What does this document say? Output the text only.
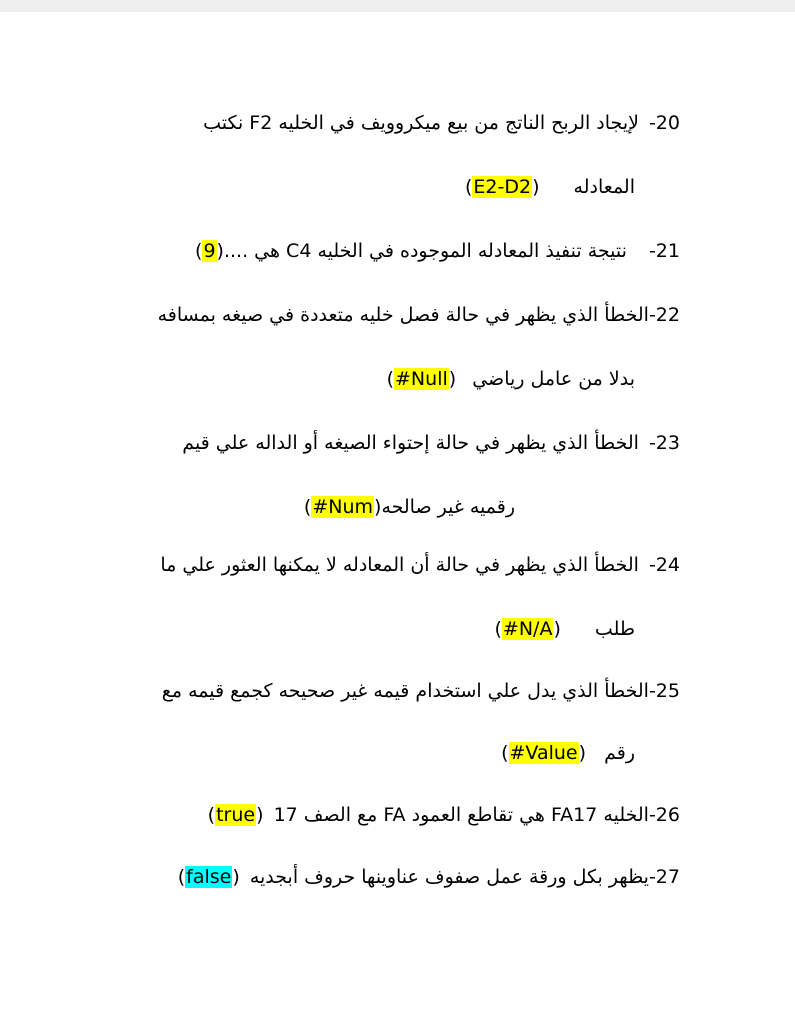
-20لإيجاد الربح الناتج من بيع ميكروويف في الخليه F2 نكتب
المعادله (E2-D2)
-21نتيجة تنفيذ المعادله الموجوده في الخليه C4 هي ....(9)
-22الخطأ الذي يظهر في حالة فصل خليه متعددة في صيغه بمسافه
بدلا من عامل رياضي (#Null)
-23الخطأ الذي يظهر في حالة إحتواء الصيغه أو الداله علي قيم
رقميه غير صالحه(#Num)
-24الخطأ الذي يظهر في حالة أن المعادله لا يمكنها العثور علي ما
طلب (#N/A)
-25الخطأ الذي يدل علي استخدام قيمه غير صحيحه كجمع قيمه مع
رقم (#Value)
-26الخليه FA17 هي تقاطع العمود FA مع الصف 17 (true)
-27يظهر بكل ورقة عمل صفوف عناوينها حروف أبجديه (false)
